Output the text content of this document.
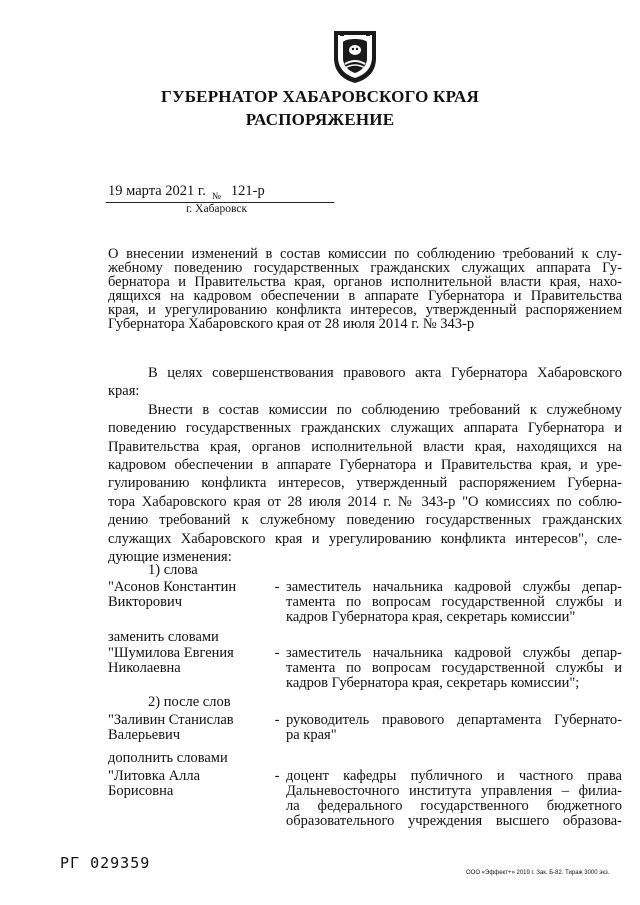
ГУБЕРНАТОР ХАБАРОВСКОГО КРАЯ
РАСПОРЯЖЕНИЕ
19 марта 2021 г. $_№$ 121-р
г. Хабаровск
О внесении изменений в состав комиссии по соблюдению требований к слу-
жебному поведению государственных гражданских служащих аппарата Гу-
бернатора и Правительства края, органов исполнительной власти края, нахо-
дящихся на кадровом обеспечении в аппарате Губернатора и Правительства
края, и урегулированию конфликта интересов, утвержденный распоряжением
Губернатора Хабаровского края от 28 июля 2014 г. № 343-р
В целях совершенствования правового акта Губернатора Хабаровского
края:
Внести в состав комиссии по соблюдению требований к служебному
поведению государственных гражданских служащих аппарата Губернатора и
Правительства края, органов исполнительной власти края, находящихся на
кадровом обеспечении в аппарате Губернатора и Правительства края, и уре-
гулированию конфликта интересов, утвержденный распоряжением Губерна-
тора Хабаровского края от 28 июля 2014 г. № 343-р "О комиссиях по соблю-
дению требований к служебному поведению государственных гражданских
служащих Хабаровского края и урегулированию конфликта интересов", сле-
дующие изменения:
1) слова
"Асонов Константин
Викторович
- заместитель начальника кадровой службы депар-
тамента по вопросам государственной службы и
кадров Губернатора края, секретарь комиссии"
заменить словами
"Шумилова Евгения
Николаевна
- заместитель начальника кадровой службы депар-
тамента по вопросам государственной службы и
кадров Губернатора края, секретарь комиссии";
2) после слов
"Заливин Станислав
Валерьевич
- руководитель правового департамента Губернато-
ра края"
дополнить словами
"Литовка Алла
Борисовна
- доцент кафедры публичного и частного права
Дальневосточного института управления – филиа-
ла федерального государственного бюджетного
образовательного учреждения высшего образова-
РГ 029359
ООО «Эффект+» 2019 г. Зак. Б-82. Тираж 3000 экз.
